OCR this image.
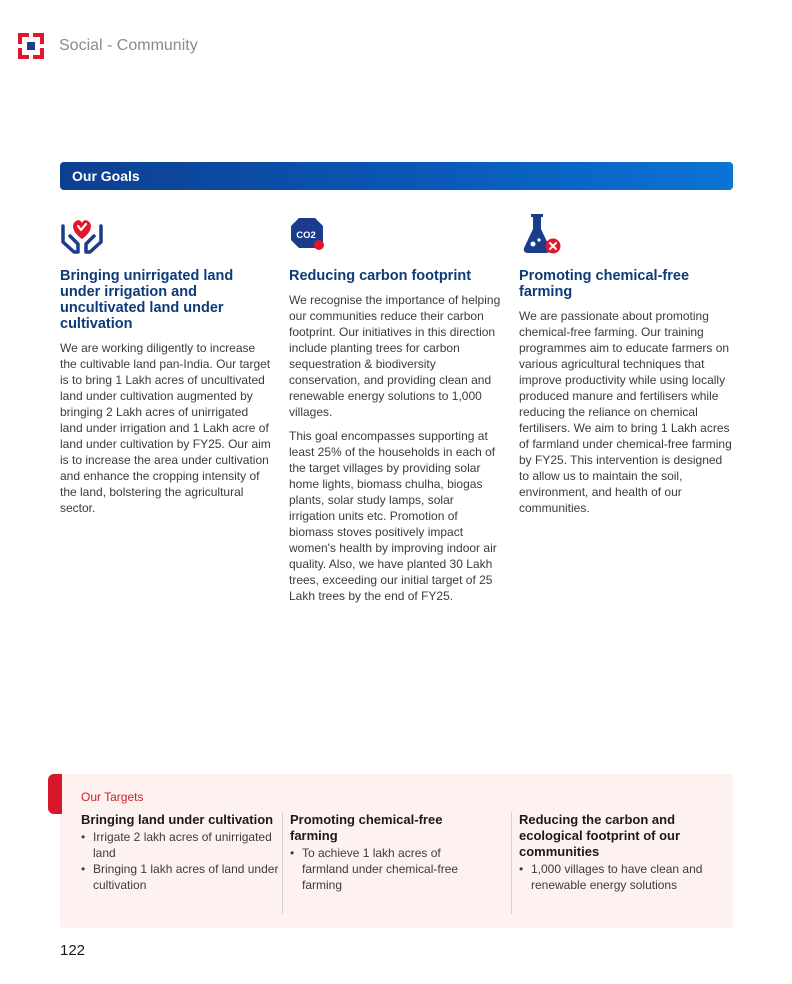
Social - Community
Our Goals
Bringing unirrigated land under irrigation and uncultivated land under cultivation

We are working diligently to increase the cultivable land pan-India. Our target is to bring 1 Lakh acres of uncultivated land under cultivation augmented by bringing 2 Lakh acres of unirrigated land under irrigation and 1 Lakh acre of land under cultivation by FY25. Our aim is to increase the area under cultivation and enhance the cropping intensity of the land, bolstering the agricultural sector.

CO2
Reducing carbon footprint

We recognise the importance of helping our communities reduce their carbon footprint. Our initiatives in this direction include planting trees for carbon sequestration & biodiversity conservation, and providing clean and renewable energy solutions to 1,000 villages.

This goal encompasses supporting at least 25% of the households in each of the target villages by providing solar home lights, biomass chulha, biogas plants, solar study lamps, solar irrigation units etc. Promotion of biomass stoves positively impact women's health by improving indoor air quality. Also, we have planted 30 Lakh trees, exceeding our initial target of 25 Lakh trees by the end of FY25.

Promoting chemical-free farming

We are passionate about promoting chemical-free farming. Our training programmes aim to educate farmers on various agricultural techniques that improve productivity while using locally produced manure and fertilisers while reducing the reliance on chemical fertilisers. We aim to bring 1 Lakh acres of farmland under chemical-free farming by FY25. This intervention is designed to allow us to maintain the soil, environment, and health of our communities.

Our Targets
Bringing land under cultivation
• Irrigate 2 lakh acres of unirrigated land
• Bringing 1 lakh acres of land under cultivation
Promoting chemical-free farming
• To achieve 1 lakh acres of farmland under chemical-free farming
Reducing the carbon and ecological footprint of our communities
• 1,000 villages to have clean and renewable energy solutions
122
